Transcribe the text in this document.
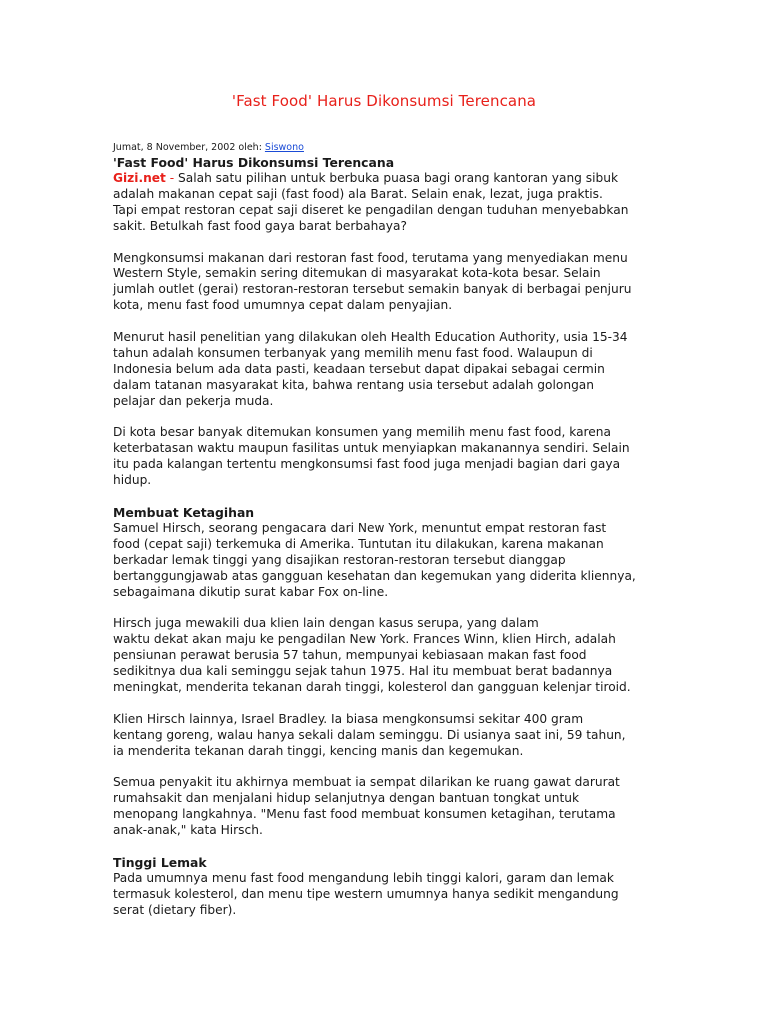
'Fast Food' Harus Dikonsumsi Terencana
Jumat, 8 November, 2002 oleh: Siswono
'Fast Food' Harus Dikonsumsi Terencana

Gizi.net - Salah satu pilihan untuk berbuka puasa bagi orang kantoran yang sibuk
adalah makanan cepat saji (fast food) ala Barat. Selain enak, lezat, juga praktis.
Tapi empat restoran cepat saji diseret ke pengadilan dengan tuduhan menyebabkan
sakit. Betulkah fast food gaya barat berbahaya?

Mengkonsumsi makanan dari restoran fast food, terutama yang menyediakan menu
Western Style, semakin sering ditemukan di masyarakat kota-kota besar. Selain
jumlah outlet (gerai) restoran-restoran tersebut semakin banyak di berbagai penjuru
kota, menu fast food umumnya cepat dalam penyajian.

Menurut hasil penelitian yang dilakukan oleh Health Education Authority, usia 15-34
tahun adalah konsumen terbanyak yang memilih menu fast food. Walaupun di
Indonesia belum ada data pasti, keadaan tersebut dapat dipakai sebagai cermin
dalam tatanan masyarakat kita, bahwa rentang usia tersebut adalah golongan
pelajar dan pekerja muda.

Di kota besar banyak ditemukan konsumen yang memilih menu fast food, karena
keterbatasan waktu maupun fasilitas untuk menyiapkan makanannya sendiri. Selain
itu pada kalangan tertentu mengkonsumsi fast food juga menjadi bagian dari gaya
hidup.

Membuat Ketagihan

Samuel Hirsch, seorang pengacara dari New York, menuntut empat restoran fast
food (cepat saji) terkemuka di Amerika. Tuntutan itu dilakukan, karena makanan
berkadar lemak tinggi yang disajikan restoran-restoran tersebut dianggap
bertanggungjawab atas gangguan kesehatan dan kegemukan yang diderita kliennya,
sebagaimana dikutip surat kabar Fox on-line.

Hirsch juga mewakili dua klien lain dengan kasus serupa, yang dalam
waktu dekat akan maju ke pengadilan New York. Frances Winn, klien Hirch, adalah
pensiunan perawat berusia 57 tahun, mempunyai kebiasaan makan fast food
sedikitnya dua kali seminggu sejak tahun 1975. Hal itu membuat berat badannya
meningkat, menderita tekanan darah tinggi, kolesterol dan gangguan kelenjar tiroid.

Klien Hirsch lainnya, Israel Bradley. Ia biasa mengkonsumsi sekitar 400 gram
kentang goreng, walau hanya sekali dalam seminggu. Di usianya saat ini, 59 tahun,
ia menderita tekanan darah tinggi, kencing manis dan kegemukan.

Semua penyakit itu akhirnya membuat ia sempat dilarikan ke ruang gawat darurat
rumahsakit dan menjalani hidup selanjutnya dengan bantuan tongkat untuk
menopang langkahnya. "Menu fast food membuat konsumen ketagihan, terutama
anak-anak," kata Hirsch.

Tinggi Lemak

Pada umumnya menu fast food mengandung lebih tinggi kalori, garam dan lemak
termasuk kolesterol, dan menu tipe western umumnya hanya sedikit mengandung
serat (dietary fiber).
